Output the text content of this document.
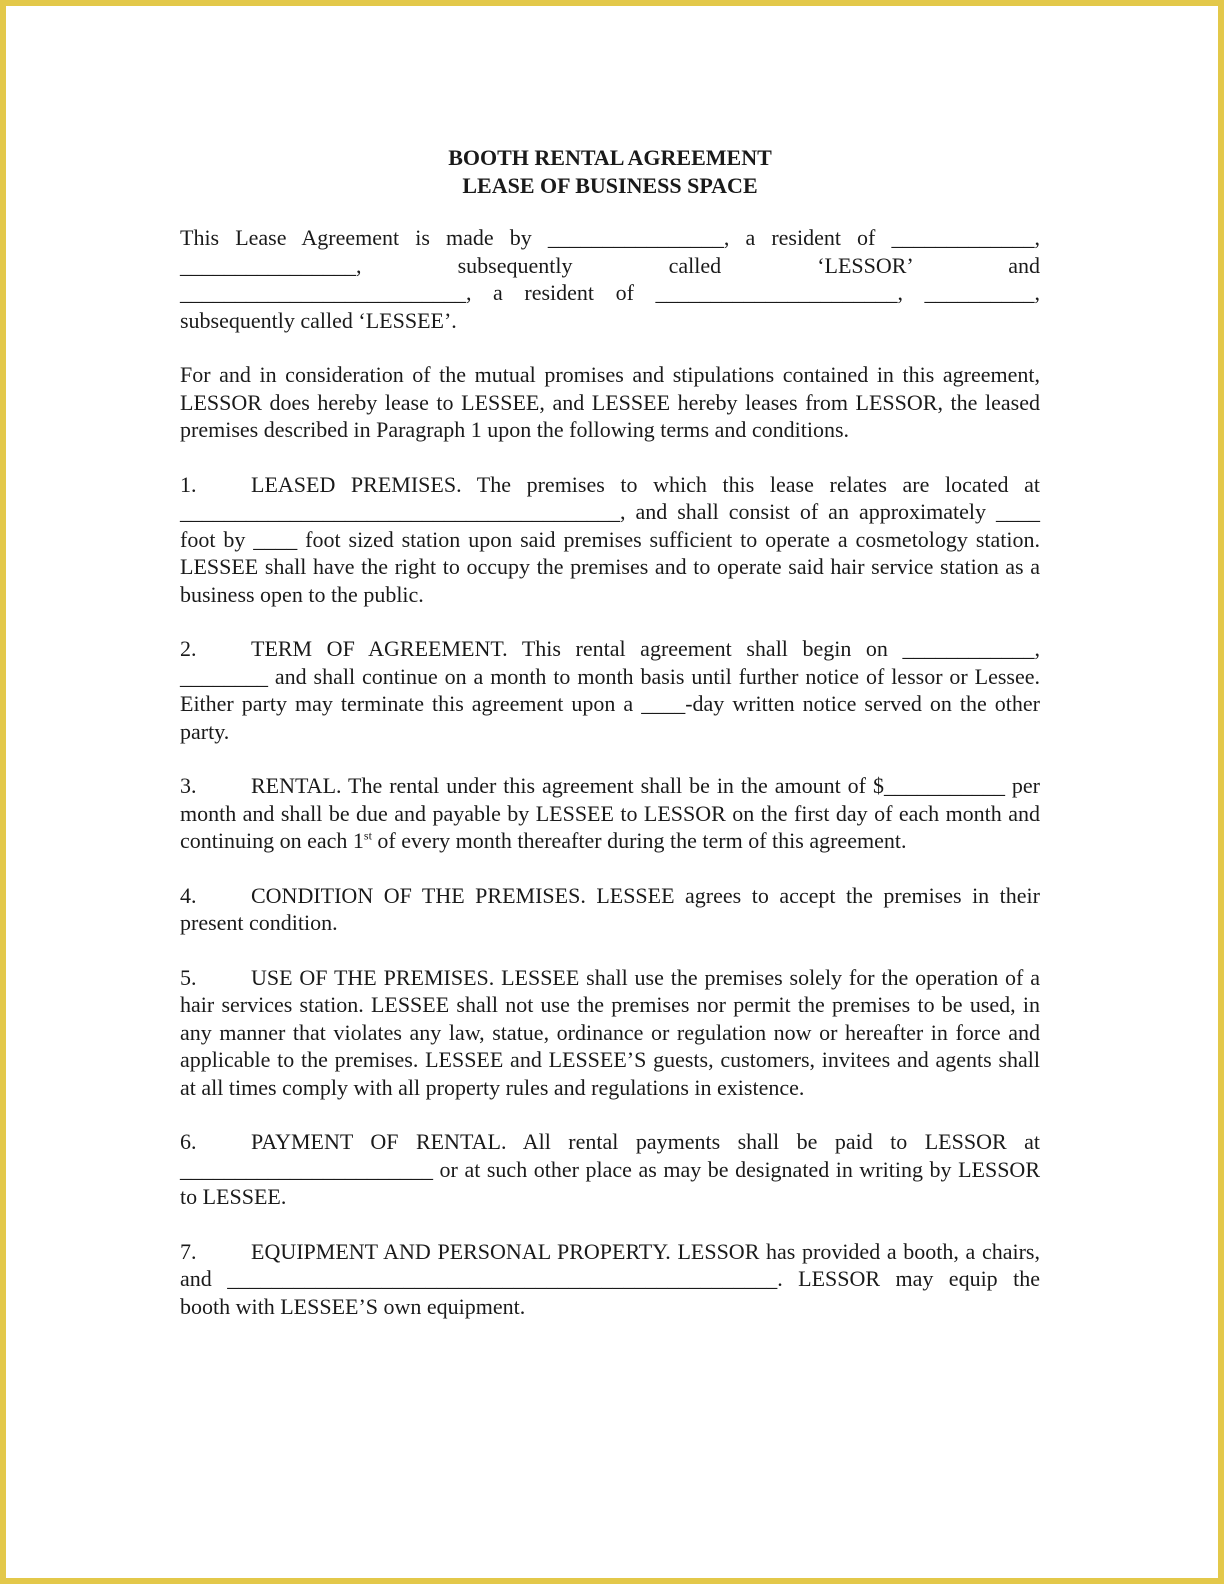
BOOTH RENTAL AGREEMENT
LEASE OF BUSINESS SPACE

This Lease Agreement is made by ________________, a resident of _____________,
________________, subsequently called ‘LESSOR’ and
__________________________, a resident of ______________________, __________,
subsequently called ‘LESSEE’.

For and in consideration of the mutual promises and stipulations contained in this agreement, LESSOR does hereby lease to LESSEE, and LESSEE hereby leases from LESSOR, the leased premises described in Paragraph 1 upon the following terms and conditions.

1. LEASED PREMISES. The premises to which this lease relates are located at ________________________________________, and shall consist of an approximately ____ foot by ____ foot sized station upon said premises sufficient to operate a cosmetology station. LESSEE shall have the right to occupy the premises and to operate said hair service station as a business open to the public.

2. TERM OF AGREEMENT. This rental agreement shall begin on ____________, ________ and shall continue on a month to month basis until further notice of lessor or Lessee. Either party may terminate this agreement upon a ____-day written notice served on the other party.

3. RENTAL. The rental under this agreement shall be in the amount of $___________ per month and shall be due and payable by LESSEE to LESSOR on the first day of each month and continuing on each 1st of every month thereafter during the term of this agreement.

4. CONDITION OF THE PREMISES. LESSEE agrees to accept the premises in their present condition.

5. USE OF THE PREMISES. LESSEE shall use the premises solely for the operation of a hair services station. LESSEE shall not use the premises nor permit the premises to be used, in any manner that violates any law, statue, ordinance or regulation now or hereafter in force and applicable to the premises. LESSEE and LESSEE’S guests, customers, invitees and agents shall at all times comply with all property rules and regulations in existence.

6. PAYMENT OF RENTAL. All rental payments shall be paid to LESSOR at _______________________ or at such other place as may be designated in writing by LESSOR to LESSEE.

7. EQUIPMENT AND PERSONAL PROPERTY. LESSOR has provided a booth, a chairs, and __________________________________________________. LESSOR may equip the booth with LESSEE’S own equipment.
